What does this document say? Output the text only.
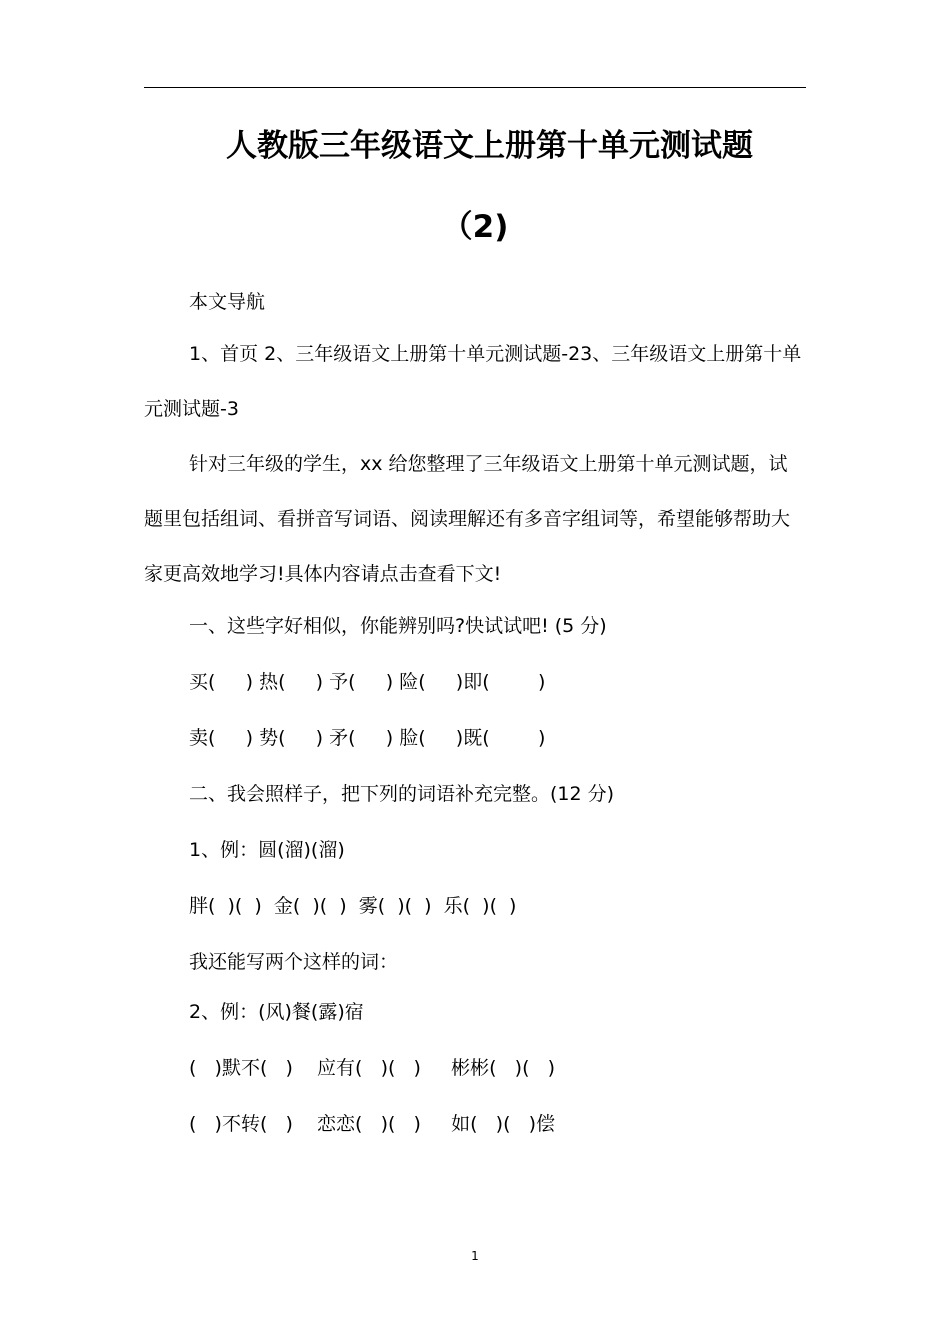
人教版三年级语文上册第十单元测试题
（2)
本文导航
1、首页 2、三年级语文上册第十单元测试题-23、三年级语文上册第十单元测试题-3
针对三年级的学生，xx 给您整理了三年级语文上册第十单元测试题，试题里包括组词、看拼音写词语、阅读理解还有多音字组词等，希望能够帮助大家更高效地学习!具体内容请点击查看下文!
一、这些字好相似，你能辨别吗?快试试吧! (5 分)
买(     ) 热(     ) 予(     ) 险(     )即(        )
卖(     ) 势(     ) 矛(     ) 脸(     )既(        )
二、我会照样子，把下列的词语补充完整。(12 分)
1、例：圆(溜)(溜)
胖(  )(  )  金(  )(  )  雾(  )(  )  乐(  )(  )
我还能写两个这样的词：
2、例：(风)餐(露)宿
(   )默不(   )    应有(   )(   )     彬彬(   )(   )
(   )不转(   )    恋恋(   )(   )     如(   )(   )偿
1
